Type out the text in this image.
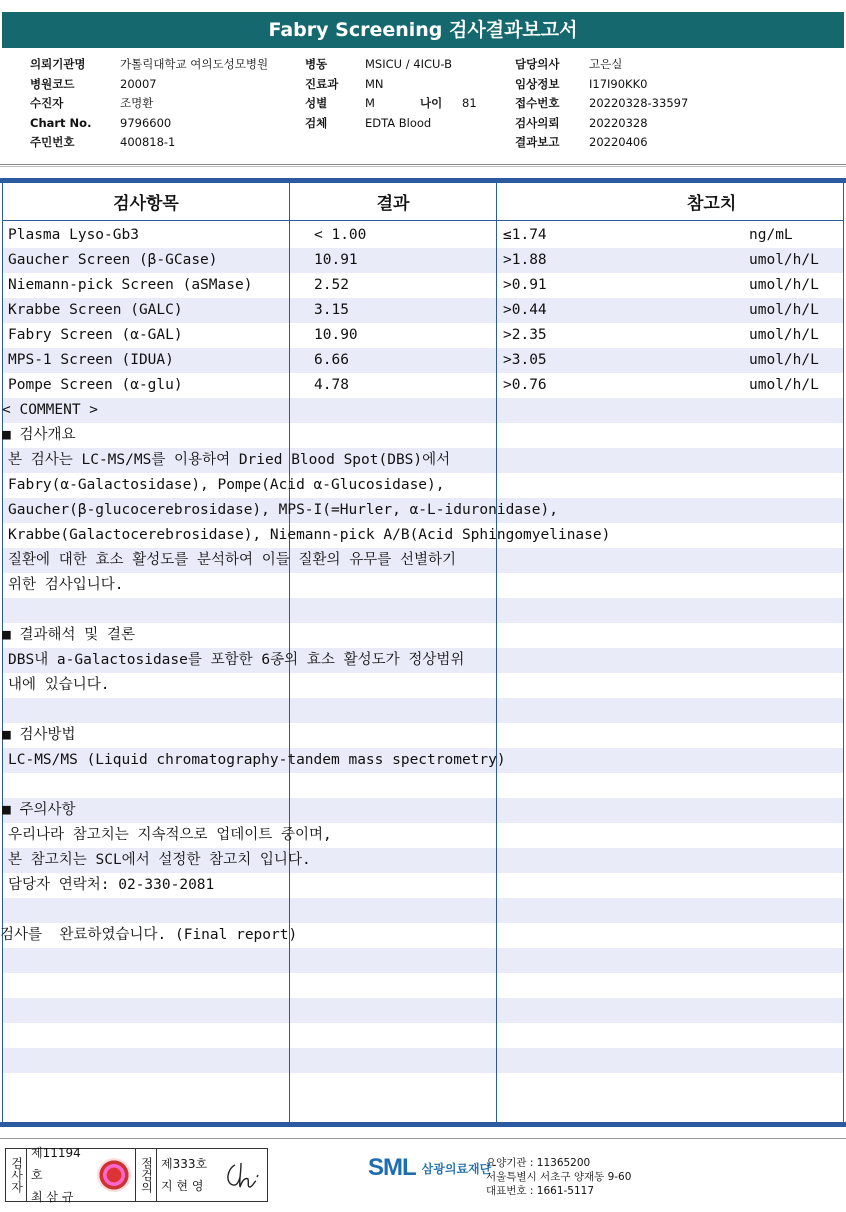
Fabry Screening 검사결과보고서
의뢰기관명	가톨릭대학교 여의도성모병원
병원코드	20007
수진자	조명환
Chart No.	9796600
주민번호	400818-1
병동	MSICU / 4ICU-B
진료과	MN
성별	M	나이	81
검체	EDTA Blood
담당의사	고은실
임상정보	I17I90KK0
접수번호	20220328-33597
검사의뢰	20220328
결과보고	20220406
검사항목	결과	참고치
Plasma Lyso-Gb3	< 1.00	≤1.74	ng/mL
Gaucher Screen (β-GCase)	10.91	>1.88	umol/h/L
Niemann-pick Screen (aSMase)	2.52	>0.91	umol/h/L
Krabbe Screen (GALC)	3.15	>0.44	umol/h/L
Fabry Screen (α-GAL)	10.90	>2.35	umol/h/L
MPS-1 Screen (IDUA)	6.66	>3.05	umol/h/L
Pompe Screen (α-glu)	4.78	>0.76	umol/h/L
< COMMENT >
■ 검사개요
본 검사는 LC-MS/MS를 이용하여 Dried Blood Spot(DBS)에서
Fabry(α-Galactosidase), Pompe(Acid α-Glucosidase),
Gaucher(β-glucocerebrosidase), MPS-I(=Hurler, α-L-iduronidase),
Krabbe(Galactocerebrosidase), Niemann-pick A/B(Acid Sphingomyelinase)
질환에 대한 효소 활성도를 분석하여 이들 질환의 유무를 선별하기
위한 검사입니다.
■ 결과해석 및 결론
DBS내 a-Galactosidase를 포함한 6종의 효소 활성도가 정상범위
내에 있습니다.
■ 검사방법
LC-MS/MS (Liquid chromatography-tandem mass spectrometry)
■ 주의사항
우리나라 참고치는 지속적으로 업데이트 중이며,
본 참고치는 SCL에서 설정한 참고치 입니다.
담당자 연락처: 02-330-2081
검사를  완료하였습니다. (Final report)
검사자
제11194호
최 삼 규
점검의 제333호
지 현 영
SML 삼광의료재단
요양기관 : 11365200
서울특별시 서초구 양재동 9-60
대표번호 : 1661-5117
